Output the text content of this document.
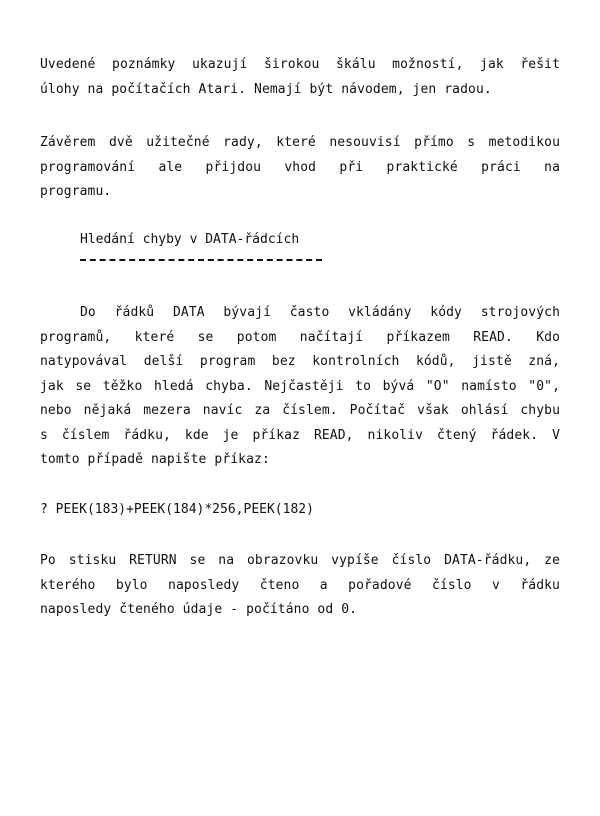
Uvedené poznámky ukazují širokou škálu možností, jak řešit
úlohy na počítačích Atari. Nemají být návodem, jen radou.
Závěrem dvě užitečné rady, které nesouvisí přímo s metodikou
programování ale přijdou vhod při praktické práci na
programu.
Hledání chyby v DATA-řádcích
Do řádků DATA bývají často vkládány kódy strojových
programů, které se potom načítají příkazem READ. Kdo
natypovával delší program bez kontrolních kódů, jistě zná,
jak se těžko hledá chyba. Nejčastěji to bývá "O" namísto "0",
nebo nějaká mezera navíc za číslem. Počítač však ohlásí chybu
s číslem řádku, kde je příkaz READ, nikoliv čtený řádek. V
tomto případě napište příkaz:
? PEEK(183)+PEEK(184)*256,PEEK(182)
Po stisku RETURN se na obrazovku vypíše číslo DATA-řádku, ze
kterého bylo naposledy čteno a pořadové číslo v řádku
naposledy čteného údaje - počítáno od 0.
